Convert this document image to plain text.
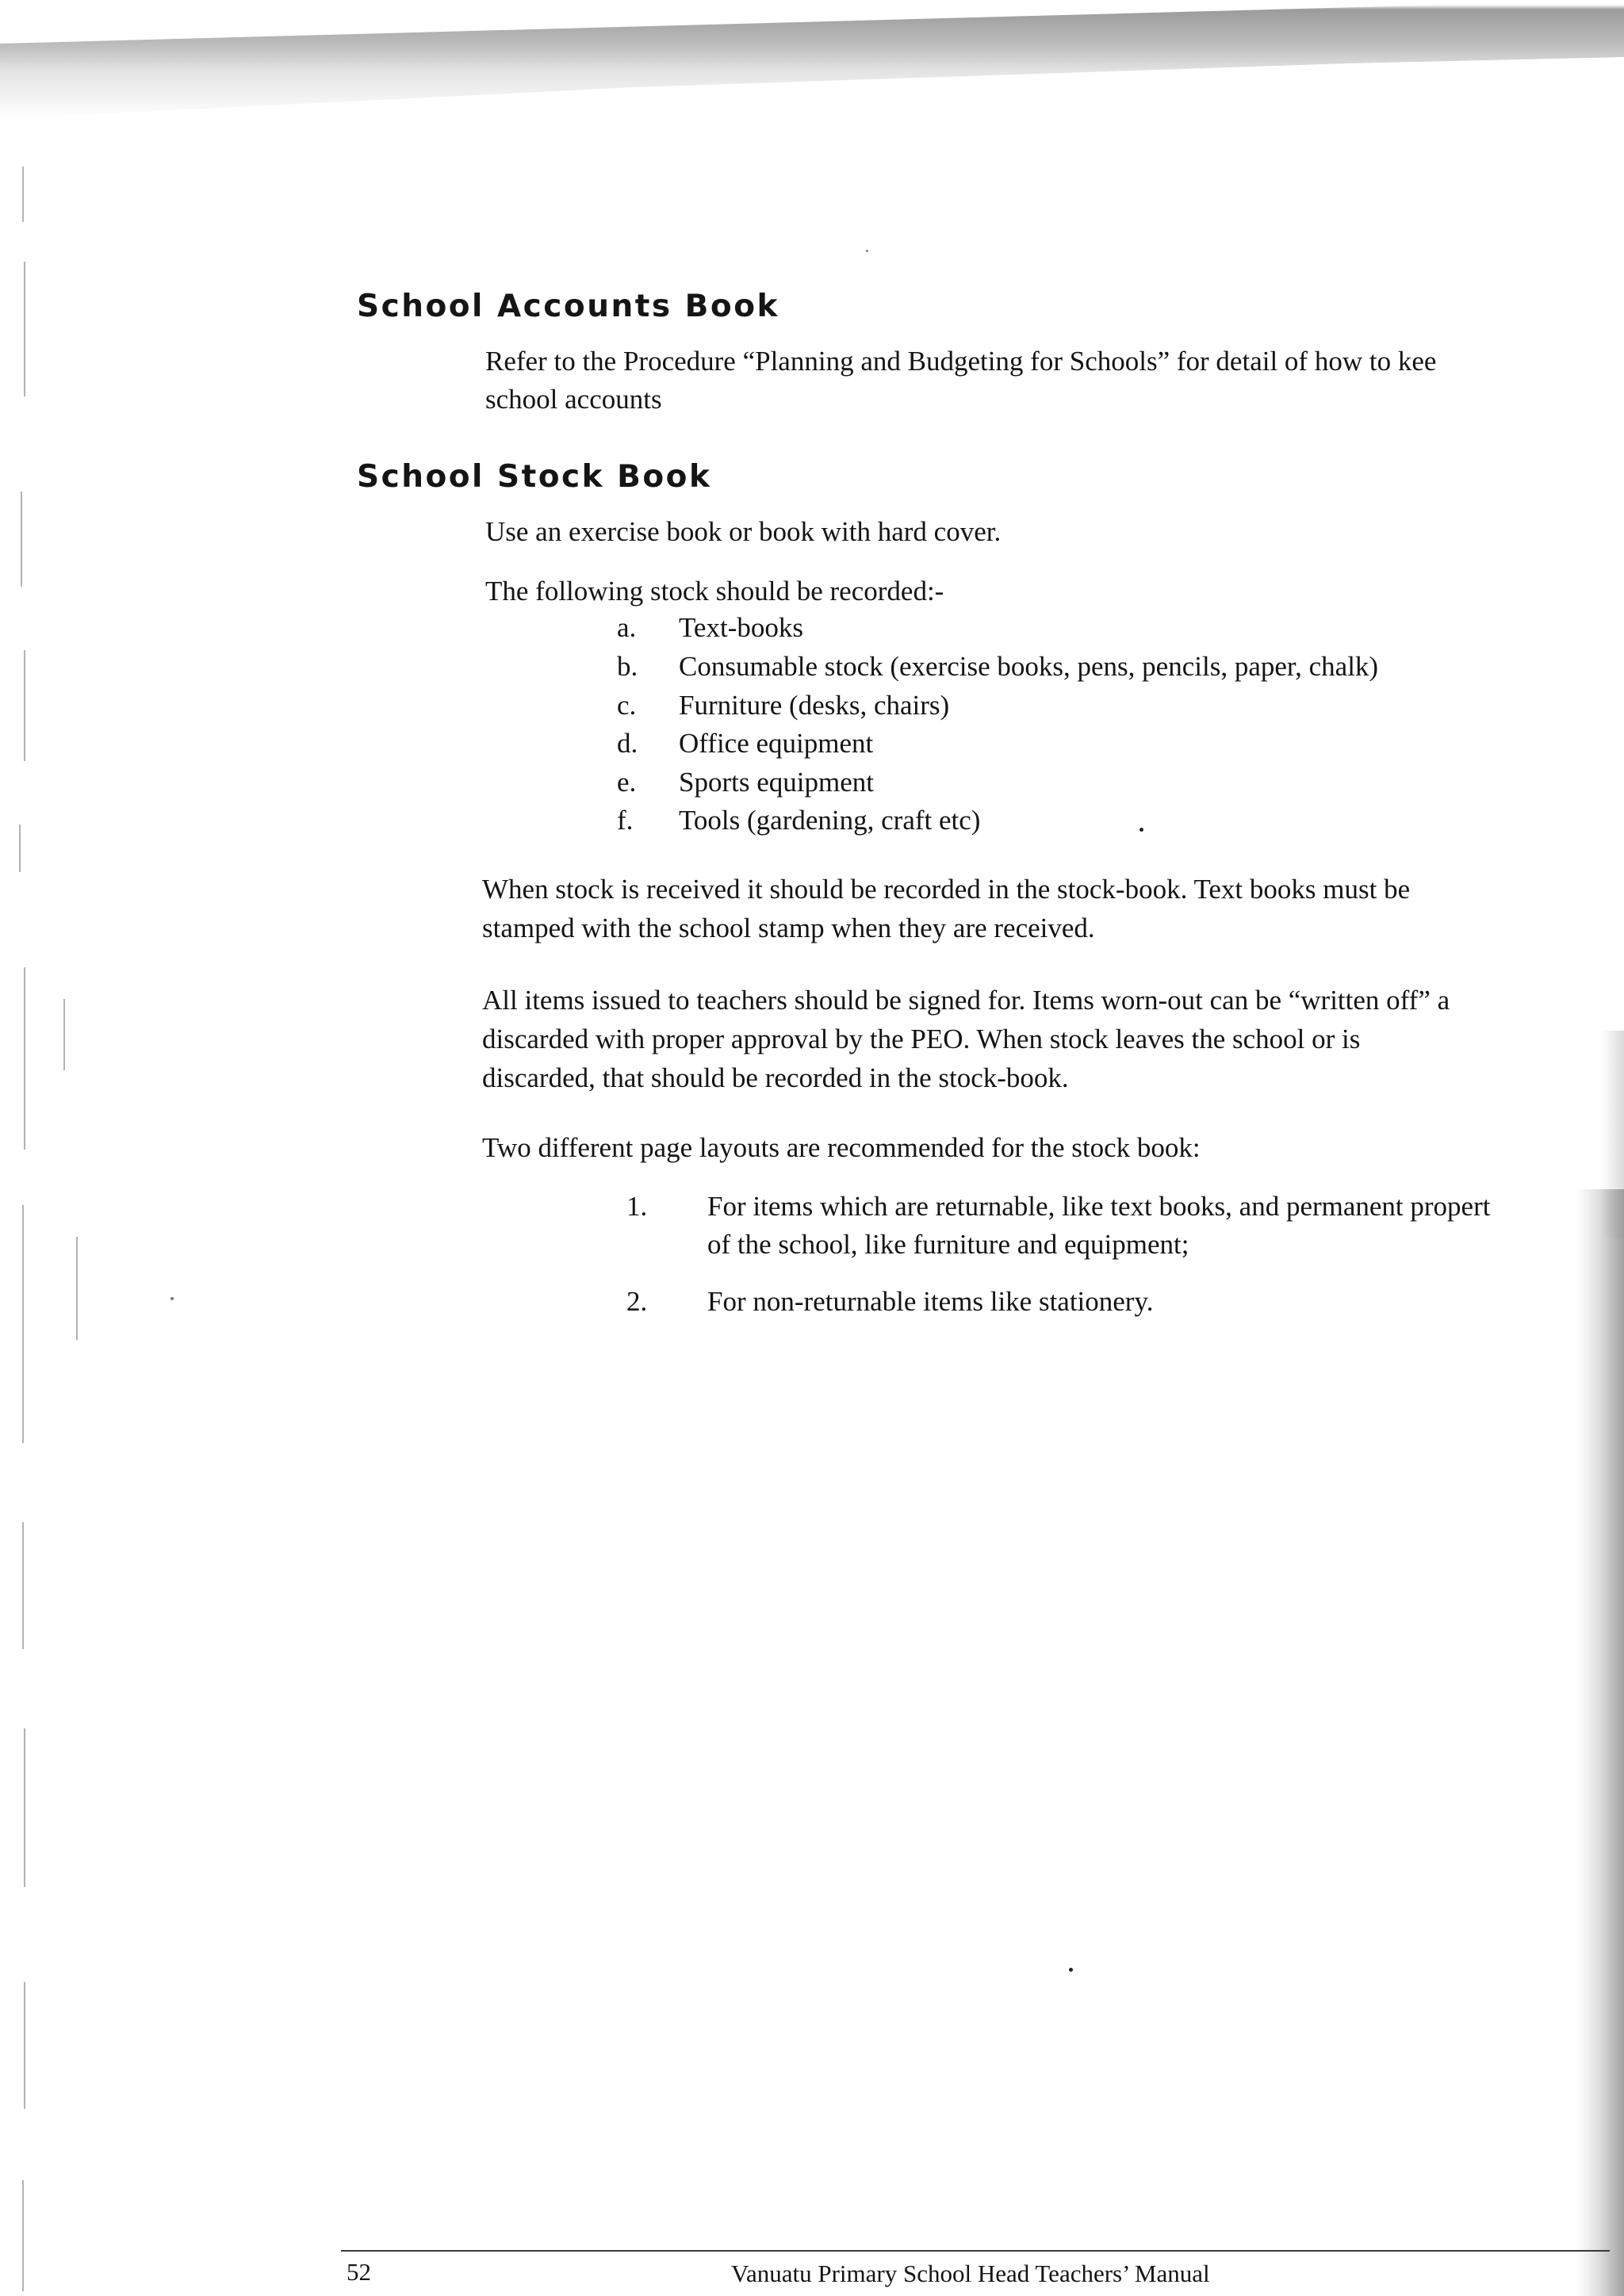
School Accounts Book

Refer to the Procedure “Planning and Budgeting for Schools” for detail of how to kee

school accounts

School Stock Book

Use an exercise book or book with hard cover.

The following stock should be recorded:-

a. Text-books
b. Consumable stock (exercise books, pens, pencils, paper, chalk)
c. Furniture (desks, chairs)
d. Office equipment
e. Sports equipment
f. Tools (gardening, craft etc)

When stock is received it should be recorded in the stock-book. Text books must be

stamped with the school stamp when they are received.

All items issued to teachers should be signed for. Items worn-out can be “written off” a

discarded with proper approval by the PEO. When stock leaves the school or is

discarded, that should be recorded in the stock-book.

Two different page layouts are recommended for the stock book:

1. For items which are returnable, like text books, and permanent propert
of the school, like furniture and equipment;
2. For non-returnable items like stationery.
52	Vanuatu Primary School Head Teachers’ Manual
